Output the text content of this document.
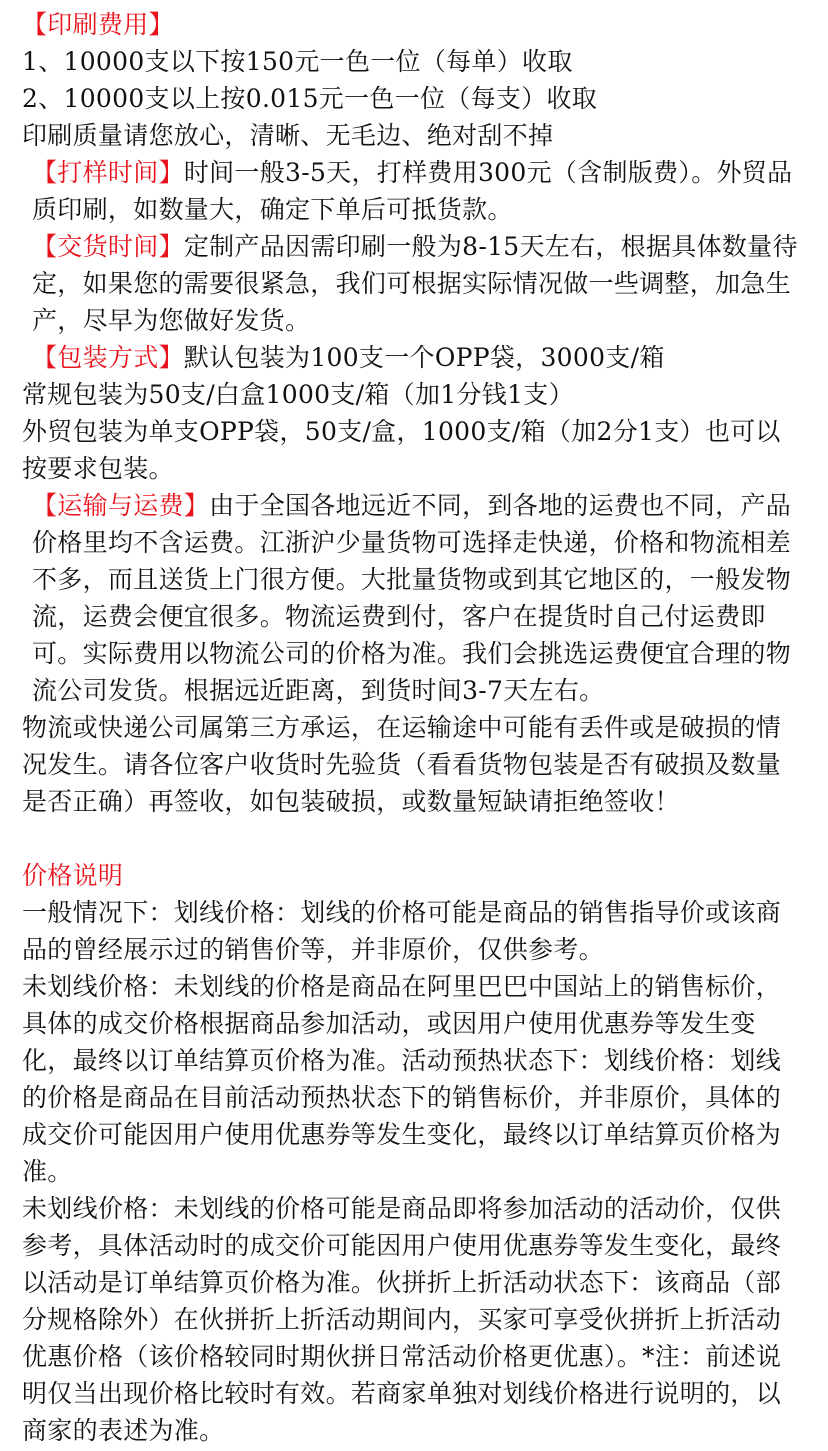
【印刷费用】

1、10000支以下按150元一色一位（每单）收取

2、10000支以上按0.015元一色一位（每支）收取

印刷质量请您放心，清晰、无毛边、绝对刮不掉

【打样时间】时间一般3-5天，打样费用300元（含制版费）。外贸品质印刷，如数量大，确定下单后可抵货款。

【交货时间】定制产品因需印刷一般为8-15天左右，根据具体数量待定，如果您的需要很紧急，我们可根据实际情况做一些调整，加急生产，尽早为您做好发货。

【包装方式】默认包装为100支一个OPP袋，3000支/箱

常规包装为50支/白盒1000支/箱（加1分钱1支）

外贸包装为单支OPP袋，50支/盒，1000支/箱（加2分1支）也可以按要求包装。

【运输与运费】由于全国各地远近不同，到各地的运费也不同，产品价格里均不含运费。江浙沪少量货物可选择走快递，价格和物流相差不多，而且送货上门很方便。大批量货物或到其它地区的，一般发物流，运费会便宜很多。物流运费到付，客户在提货时自己付运费即可。实际费用以物流公司的价格为准。我们会挑选运费便宜合理的物流公司发货。根据远近距离，到货时间3-7天左右。

物流或快递公司属第三方承运，在运输途中可能有丢件或是破损的情况发生。请各位客户收货时先验货（看看货物包装是否有破损及数量是否正确）再签收，如包装破损，或数量短缺请拒绝签收！

价格说明

一般情况下：划线价格：划线的价格可能是商品的销售指导价或该商品的曾经展示过的销售价等，并非原价，仅供参考。

未划线价格：未划线的价格是商品在阿里巴巴中国站上的销售标价，具体的成交价格根据商品参加活动，或因用户使用优惠券等发生变化，最终以订单结算页价格为准。活动预热状态下：划线价格：划线的价格是商品在目前活动预热状态下的销售标价，并非原价，具体的成交价可能因用户使用优惠券等发生变化，最终以订单结算页价格为准。

未划线价格：未划线的价格可能是商品即将参加活动的活动价，仅供参考，具体活动时的成交价可能因用户使用优惠券等发生变化，最终以活动是订单结算页价格为准。伙拼折上折活动状态下：该商品（部分规格除外）在伙拼折上折活动期间内，买家可享受伙拼折上折活动优惠价格（该价格较同时期伙拼日常活动价格更优惠）。*注：前述说明仅当出现价格比较时有效。若商家单独对划线价格进行说明的，以商家的表述为准。
